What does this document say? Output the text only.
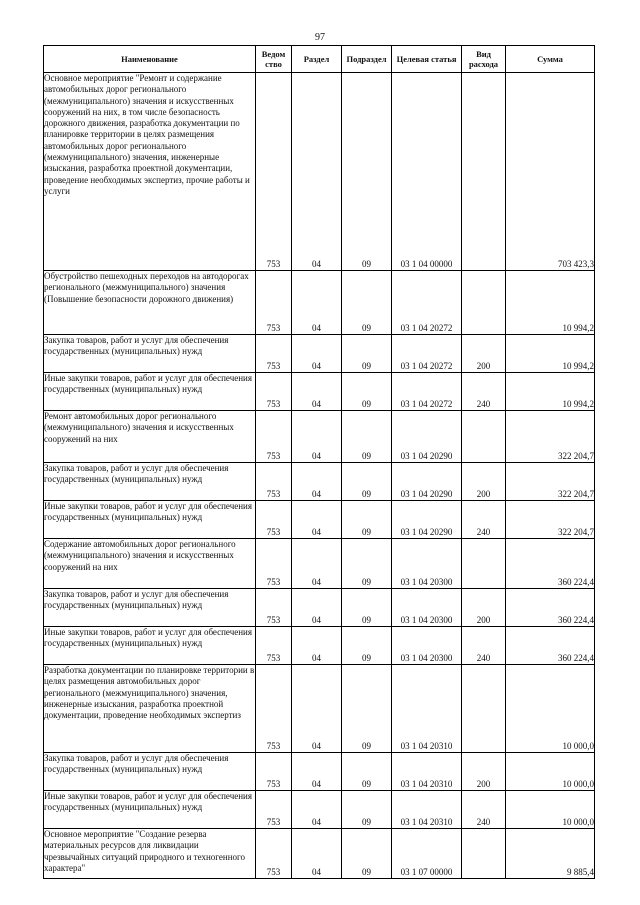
97
Наименование	Ведом ство	Раздел	Подраздел	Целевая статья	Вид расхода	Сумма

Основное мероприятие "Ремонт и содержание автомобильных дорог регионального (межмуниципального) значения и искусственных сооружений на них, в том числе безопасность дорожного движения, разработка документации по планировке территории в целях размещения автомобильных дорог регионального (межмуниципального) значения, инженерные изыскания, разработка проектной документации, проведение необходимых экспертиз, прочие работы и услуги	753	04	09	03 1 04 00000		703 423,3

Обустройство пешеходных переходов на автодорогах регионального (межмуниципального) значения (Повышение безопасности дорожного движения)	753	04	09	03 1 04 20272		10 994,2

Закупка товаров, работ и услуг для обеспечения государственных (муниципальных) нужд	753	04	09	03 1 04 20272	200	10 994,2

Иные закупки товаров, работ и услуг для обеспечения государственных (муниципальных) нужд	753	04	09	03 1 04 20272	240	10 994,2

Ремонт автомобильных дорог регионального (межмуниципального) значения и искусственных сооружений на них	753	04	09	03 1 04 20290		322 204,7

Закупка товаров, работ и услуг для обеспечения государственных (муниципальных) нужд	753	04	09	03 1 04 20290	200	322 204,7

Иные закупки товаров, работ и услуг для обеспечения государственных (муниципальных) нужд	753	04	09	03 1 04 20290	240	322 204,7

Содержание автомобильных дорог регионального (межмуниципального) значения и искусственных сооружений на них	753	04	09	03 1 04 20300		360 224,4

Закупка товаров, работ и услуг для обеспечения государственных (муниципальных) нужд	753	04	09	03 1 04 20300	200	360 224,4

Иные закупки товаров, работ и услуг для обеспечения государственных (муниципальных) нужд	753	04	09	03 1 04 20300	240	360 224,4

Разработка документации по планировке территории в целях размещения автомобильных дорог регионального (межмуниципального) значения, инженерные изыскания, разработка проектной документации, проведение необходимых экспертиз	753	04	09	03 1 04 20310		10 000,0

Закупка товаров, работ и услуг для обеспечения государственных (муниципальных) нужд	753	04	09	03 1 04 20310	200	10 000,0

Иные закупки товаров, работ и услуг для обеспечения государственных (муниципальных) нужд	753	04	09	03 1 04 20310	240	10 000,0

Основное мероприятие "Создание резерва материальных ресурсов для ликвидации чрезвычайных ситуаций природного и техногенного характера"	753	04	09	03 1 07 00000		9 885,4
